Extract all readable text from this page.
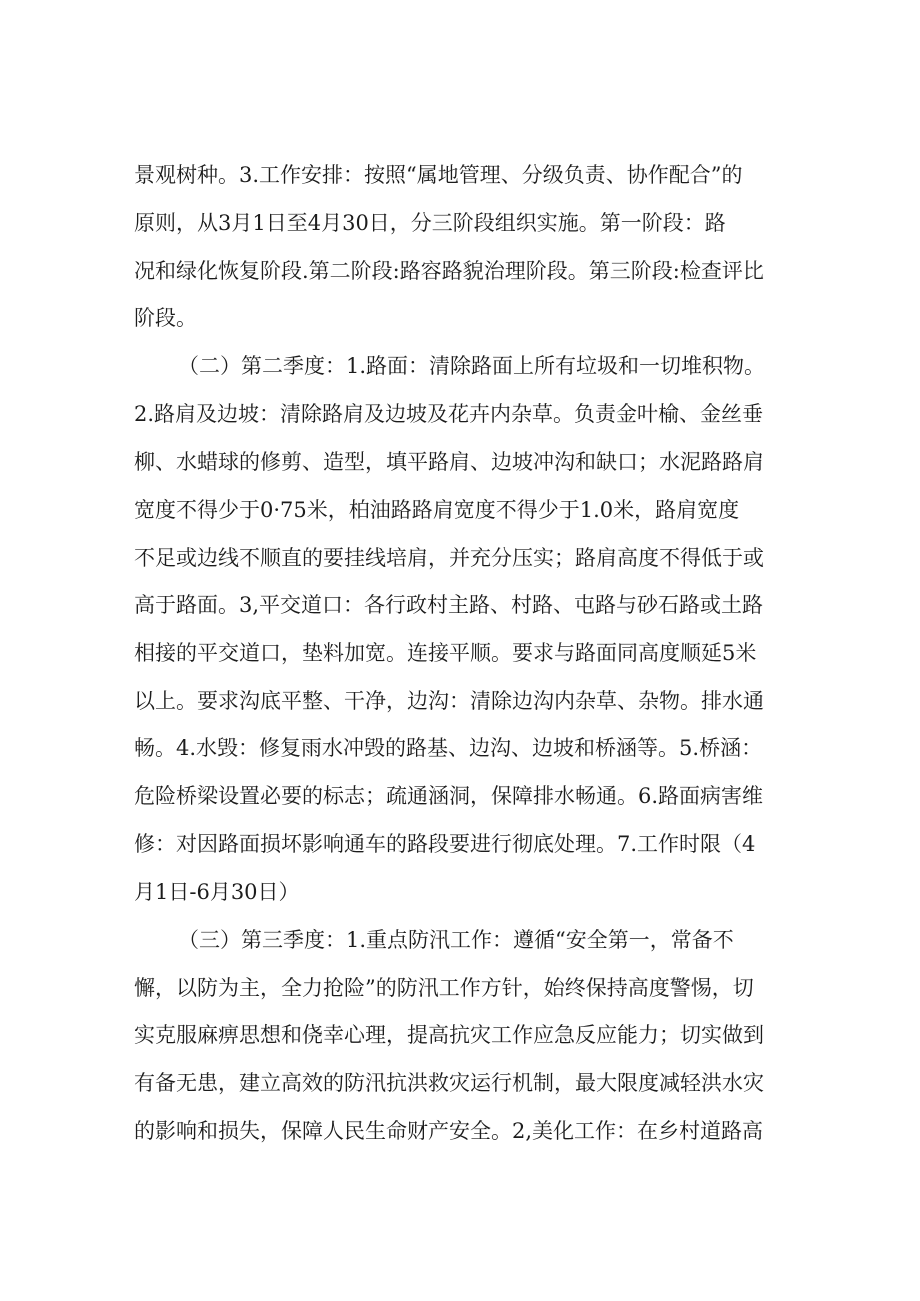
景观树种。3.工作安排：按照“属地管理、分级负责、协作配合”的
原则，从3月1日至4月30日，分三阶段组织实施。第一阶段：路
况和绿化恢复阶段.第二阶段:路容路貌治理阶段。第三阶段:检查评比
阶段。
（二）第二季度：1.路面：清除路面上所有垃圾和一切堆积物。
2.路肩及边坡：清除路肩及边坡及花卉内杂草。负责金叶榆、金丝垂
柳、水蜡球的修剪、造型，填平路肩、边坡冲沟和缺口；水泥路路肩
宽度不得少于0·75米，柏油路路肩宽度不得少于1.0米，路肩宽度
不足或边线不顺直的要挂线培肩，并充分压实；路肩高度不得低于或
高于路面。3,平交道口：各行政村主路、村路、屯路与砂石路或土路
相接的平交道口，垫料加宽。连接平顺。要求与路面同高度顺延5米
以上。要求沟底平整、干净，边沟：清除边沟内杂草、杂物。排水通
畅。4.水毁：修复雨水冲毁的路基、边沟、边坡和桥涵等。5.桥涵：
危险桥梁设置必要的标志；疏通涵洞，保障排水畅通。6.路面病害维
修：对因路面损坏影响通车的路段要进行彻底处理。7.工作时限（4
月1日-6月30日）
（三）第三季度：1.重点防汛工作：遵循“安全第一，常备不
懈，以防为主，全力抢险”的防汛工作方针，始终保持高度警惕，切
实克服麻痹思想和侥幸心理，提高抗灾工作应急反应能力；切实做到
有备无患，建立高效的防汛抗洪救灾运行机制，最大限度减轻洪水灾
的影响和损失，保障人民生命财产安全。2,美化工作：在乡村道路高
